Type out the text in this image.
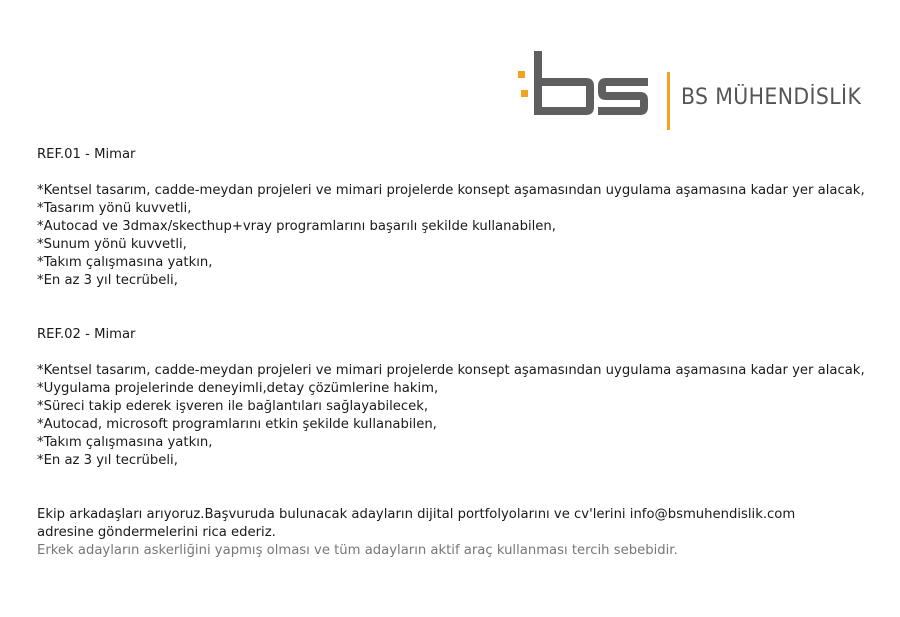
BS MÜHENDİSLİK
REF.01 - Mimar
*Kentsel tasarım, cadde-meydan projeleri ve mimari projelerde konsept aşamasından uygulama aşamasına kadar yer alacak,
*Tasarım yönü kuvvetli,
*Autocad ve 3dmax/skecthup+vray programlarını başarılı şekilde kullanabilen,
*Sunum yönü kuvvetli,
*Takım çalışmasına yatkın,
*En az 3 yıl tecrübeli,
REF.02 - Mimar
*Kentsel tasarım, cadde-meydan projeleri ve mimari projelerde konsept aşamasından uygulama aşamasına kadar yer alacak,
*Uygulama projelerinde deneyimli,detay çözümlerine hakim,
*Süreci takip ederek işveren ile bağlantıları sağlayabilecek,
*Autocad, microsoft programlarını etkin şekilde kullanabilen,
*Takım çalışmasına yatkın,
*En az 3 yıl tecrübeli,
Ekip arkadaşları arıyoruz.Başvuruda bulunacak adayların dijital portfolyolarını ve cv'lerini info@bsmuhendislik.com
adresine göndermelerini rica ederiz.
Erkek adayların askerliğini yapmış olması ve tüm adayların aktif araç kullanması tercih sebebidir.
